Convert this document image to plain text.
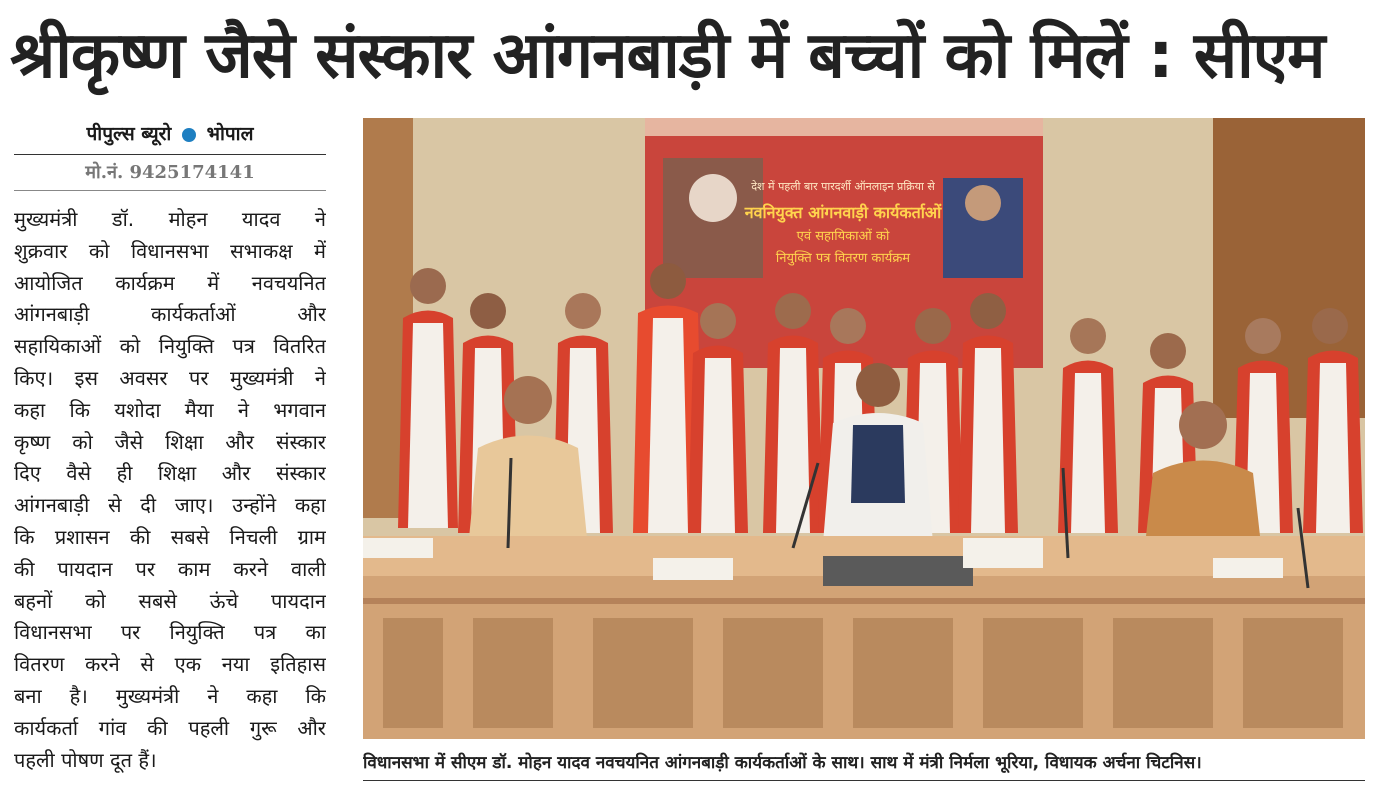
श्रीकृष्ण जैसे संस्कार आंगनबाड़ी में बच्चों को मिलें : सीएम
पीपुल्स ब्यूरो भोपाल
मो.नं. 9425174141
मुख्यमंत्री डॉ. मोहन यादव ने
शुक्रवार को विधानसभा सभाकक्ष में
आयोजित कार्यक्रम में नवचयनित
आंगनबाड़ी कार्यकर्ताओं और
सहायिकाओं को नियुक्ति पत्र वितरित
किए। इस अवसर पर मुख्यमंत्री ने
कहा कि यशोदा मैया ने भगवान
कृष्ण को जैसे शिक्षा और संस्कार
दिए वैसे ही शिक्षा और संस्कार
आंगनबाड़ी से दी जाए। उन्होंने कहा
कि प्रशासन की सबसे निचली ग्राम
की पायदान पर काम करने वाली
बहनों को सबसे ऊंचे पायदान
विधानसभा पर नियुक्ति पत्र का
वितरण करने से एक नया इतिहास
बना है। मुख्यमंत्री ने कहा कि
कार्यकर्ता गांव की पहली गुरू और
पहली पोषण दूत हैं।
देश में पहली बार पारदर्शी ऑनलाइन प्रक्रिया से
नवनियुक्त आंगनवाड़ी कार्यकर्ताओं
एवं सहायिकाओं को
नियुक्ति पत्र वितरण कार्यक्रम
विधानसभा में सीएम डॉ. मोहन यादव नवचयनित आंगनबाड़ी कार्यकर्ताओं के साथ। साथ में मंत्री निर्मला भूरिया, विधायक अर्चना चिटनिस।
